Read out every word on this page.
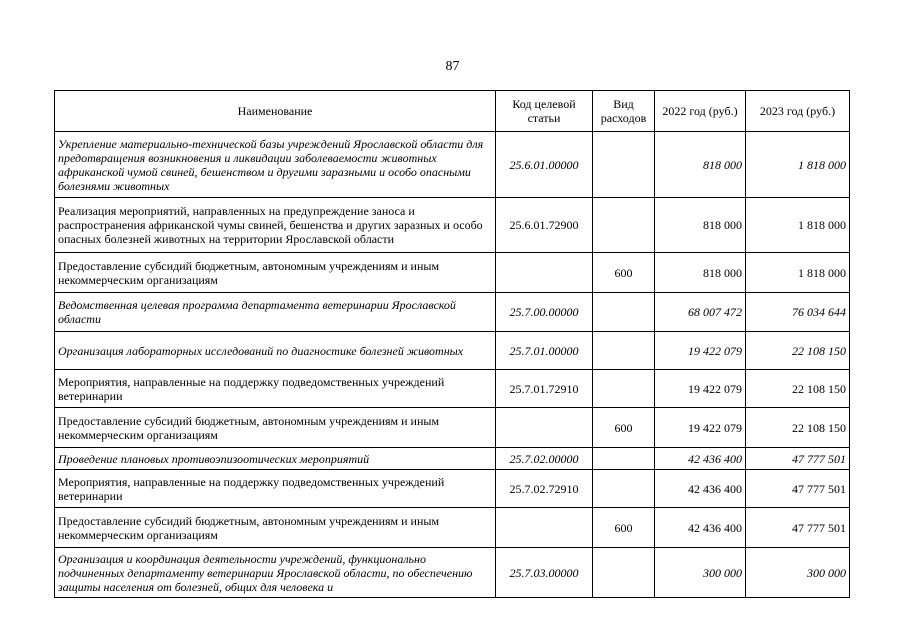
87
Наименование	Код целевой статьи	Вид расходов	2022 год (руб.)	2023 год (руб.)
Укрепление материально-технической базы учреждений Ярославской области для предотвращения возникновения и ликвидации заболеваемости животных африканской чумой свиней, бешенством и другими заразными и особо опасными болезнями животных	25.6.01.00000		818 000	1 818 000
Реализация мероприятий, направленных на предупреждение заноса и распространения африканской чумы свиней, бешенства и других заразных и особо опасных болезней животных на территории Ярославской области	25.6.01.72900		818 000	1 818 000
Предоставление субсидий бюджетным, автономным учреждениям и иным некоммерческим организациям		600	818 000	1 818 000
Ведомственная целевая программа департамента ветеринарии Ярославской области	25.7.00.00000		68 007 472	76 034 644
Организация лабораторных исследований по диагностике болезней животных	25.7.01.00000		19 422 079	22 108 150
Мероприятия, направленные на поддержку подведомственных учреждений ветеринарии	25.7.01.72910		19 422 079	22 108 150
Предоставление субсидий бюджетным, автономным учреждениям и иным некоммерческим организациям		600	19 422 079	22 108 150
Проведение плановых противоэпизоотических мероприятий	25.7.02.00000		42 436 400	47 777 501
Мероприятия, направленные на поддержку подведомственных учреждений ветеринарии	25.7.02.72910		42 436 400	47 777 501
Предоставление субсидий бюджетным, автономным учреждениям и иным некоммерческим организациям		600	42 436 400	47 777 501
Организация и координация деятельности учреждений, функционально подчиненных департаменту ветеринарии Ярославской области, по обеспечению защиты населения от болезней, общих для человека и	25.7.03.00000		300 000	300 000
